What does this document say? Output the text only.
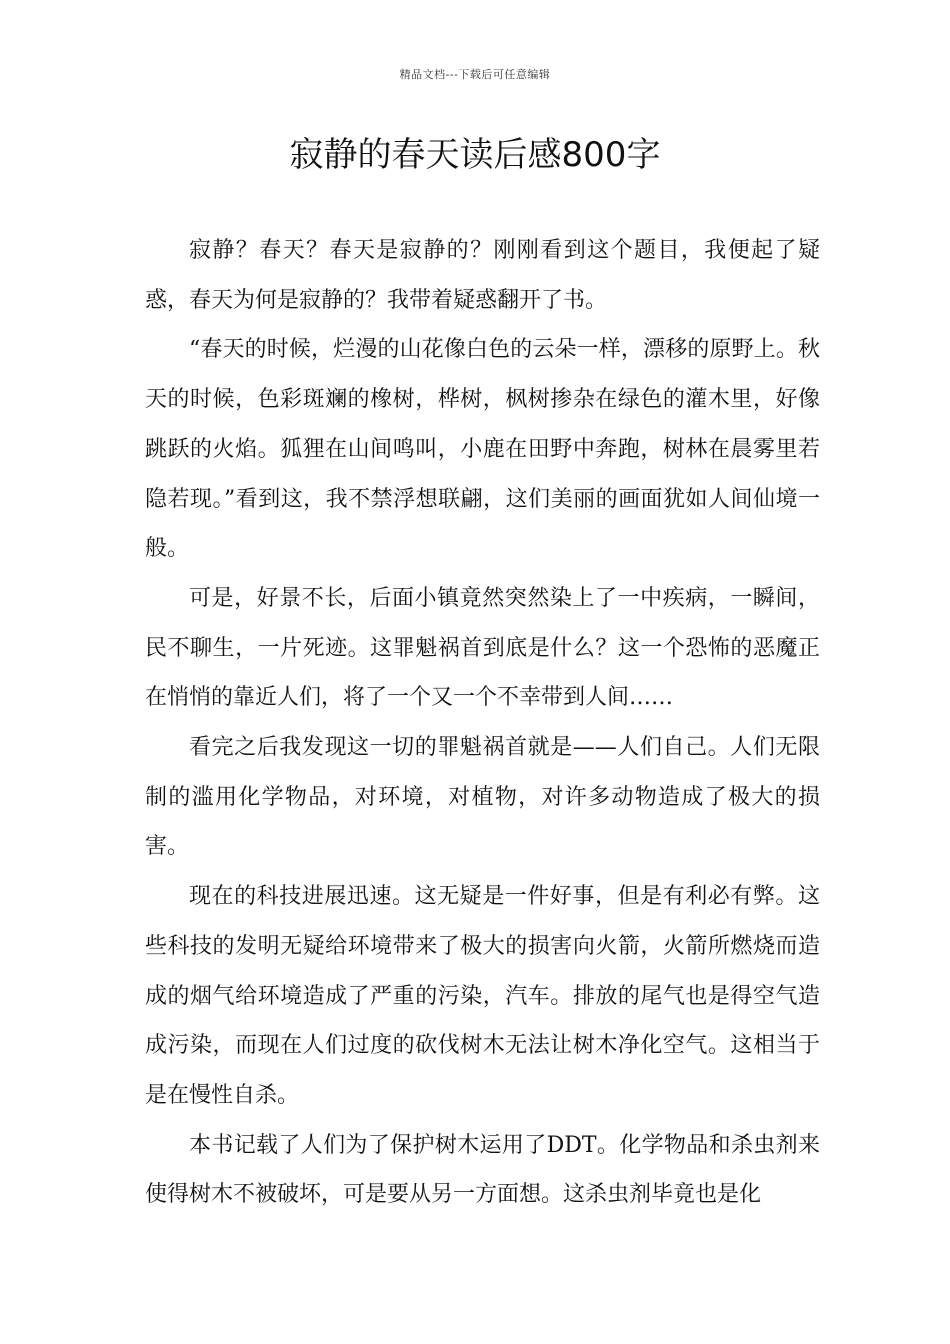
精品文档---下载后可任意编辑
寂静的春天读后感800字

寂静？春天？春天是寂静的？刚刚看到这个题目，我便起了疑惑，春天为何是寂静的？我带着疑惑翻开了书。

“春天的时候，烂漫的山花像白色的云朵一样，漂移的原野上。秋天的时候，色彩斑斓的橡树，桦树，枫树掺杂在绿色的灌木里，好像跳跃的火焰。狐狸在山间鸣叫，小鹿在田野中奔跑，树林在晨雾里若隐若现。”看到这，我不禁浮想联翩，这们美丽的画面犹如人间仙境一般。

可是，好景不长，后面小镇竟然突然染上了一中疾病，一瞬间，民不聊生，一片死迹。这罪魁祸首到底是什么？这一个恐怖的恶魔正在悄悄的靠近人们，将了一个又一个不幸带到人间……

看完之后我发现这一切的罪魁祸首就是——人们自己。人们无限制的滥用化学物品，对环境，对植物，对许多动物造成了极大的损害。

现在的科技进展迅速。这无疑是一件好事，但是有利必有弊。这些科技的发明无疑给环境带来了极大的损害向火箭，火箭所燃烧而造成的烟气给环境造成了严重的污染，汽车。排放的尾气也是得空气造成污染，而现在人们过度的砍伐树木无法让树木净化空气。这相当于是在慢性自杀。

本书记载了人们为了保护树木运用了DDT。化学物品和杀虫剂来使得树木不被破坏，可是要从另一方面想。这杀虫剂毕竟也是化
